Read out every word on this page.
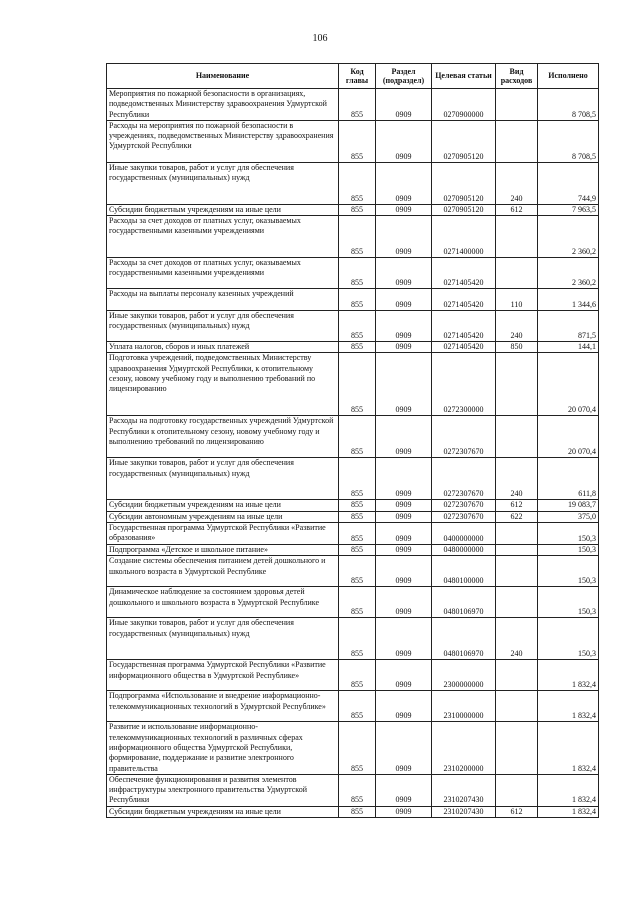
106
Наименование	Код главы	Раздел (подраздел)	Целевая статьи	Вид расходов	Исполнено
Мероприятия по пожарной безопасности в организациях, подведомственных Министерству здравоохранения Удмуртской Республики	855	0909	0270900000		8 708,5
Расходы на мероприятия по пожарной безопасности в учреждениях, подведомственных Министерству здравоохранения Удмуртской Республики	855	0909	0270905120		8 708,5
Иные закупки товаров, работ и услуг для обеспечения государственных (муниципальных) нужд	855	0909	0270905120	240	744,9
Субсидии бюджетным учреждениям на иные цели	855	0909	0270905120	612	7 963,5
Расходы за счет доходов от платных услуг, оказываемых государственными казенными учреждениями	855	0909	0271400000		2 360,2
Расходы за счет доходов от платных услуг, оказываемых государственными казенными учреждениями	855	0909	0271405420		2 360,2
Расходы на выплаты персоналу казенных учреждений	855	0909	0271405420	110	1 344,6
Иные закупки товаров, работ и услуг для обеспечения государственных (муниципальных) нужд	855	0909	0271405420	240	871,5
Уплата налогов, сборов и иных платежей	855	0909	0271405420	850	144,1
Подготовка учреждений, подведомственных Министерству здравоохранения Удмуртской Республики, к отопительному сезону, новому учебному году и выполнению требований по лицензированию	855	0909	0272300000		20 070,4
Расходы на подготовку государственных учреждений Удмуртской Республики к отопительному сезону, новому учебному году и выполнению требований по лицензированию	855	0909	0272307670		20 070,4
Иные закупки товаров, работ и услуг для обеспечения государственных (муниципальных) нужд	855	0909	0272307670	240	611,8
Субсидии бюджетным учреждениям на иные цели	855	0909	0272307670	612	19 083,7
Субсидии автономным учреждениям на иные цели	855	0909	0272307670	622	375,0
Государственная программа Удмуртской Республики «Развитие образования»	855	0909	0400000000		150,3
Подпрограмма «Детское и школьное питание»	855	0909	0480000000		150,3
Создание системы обеспечения питанием детей дошкольного и школьного возраста в Удмуртской Республике	855	0909	0480100000		150,3
Динамическое наблюдение за состоянием здоровья детей дошкольного и школьного возраста в Удмуртской Республике	855	0909	0480106970		150,3
Иные закупки товаров, работ и услуг для обеспечения государственных (муниципальных) нужд	855	0909	0480106970	240	150,3
Государственная программа Удмуртской Республики «Развитие информационного общества в Удмуртской Республике»	855	0909	2300000000		1 832,4
Подпрограмма «Использование и внедрение информационно-телекоммуникационных технологий в Удмуртской Республике»	855	0909	2310000000		1 832,4
Развитие и использование информационно-телекоммуникационных технологий в различных сферах информационного общества Удмуртской Республики, формирование, поддержание и развитие электронного правительства	855	0909	2310200000		1 832,4
Обеспечение функционирования и развития элементов инфраструктуры электронного правительства Удмуртской Республики	855	0909	2310207430		1 832,4
Субсидии бюджетным учреждениям на иные цели	855	0909	2310207430	612	1 832,4
